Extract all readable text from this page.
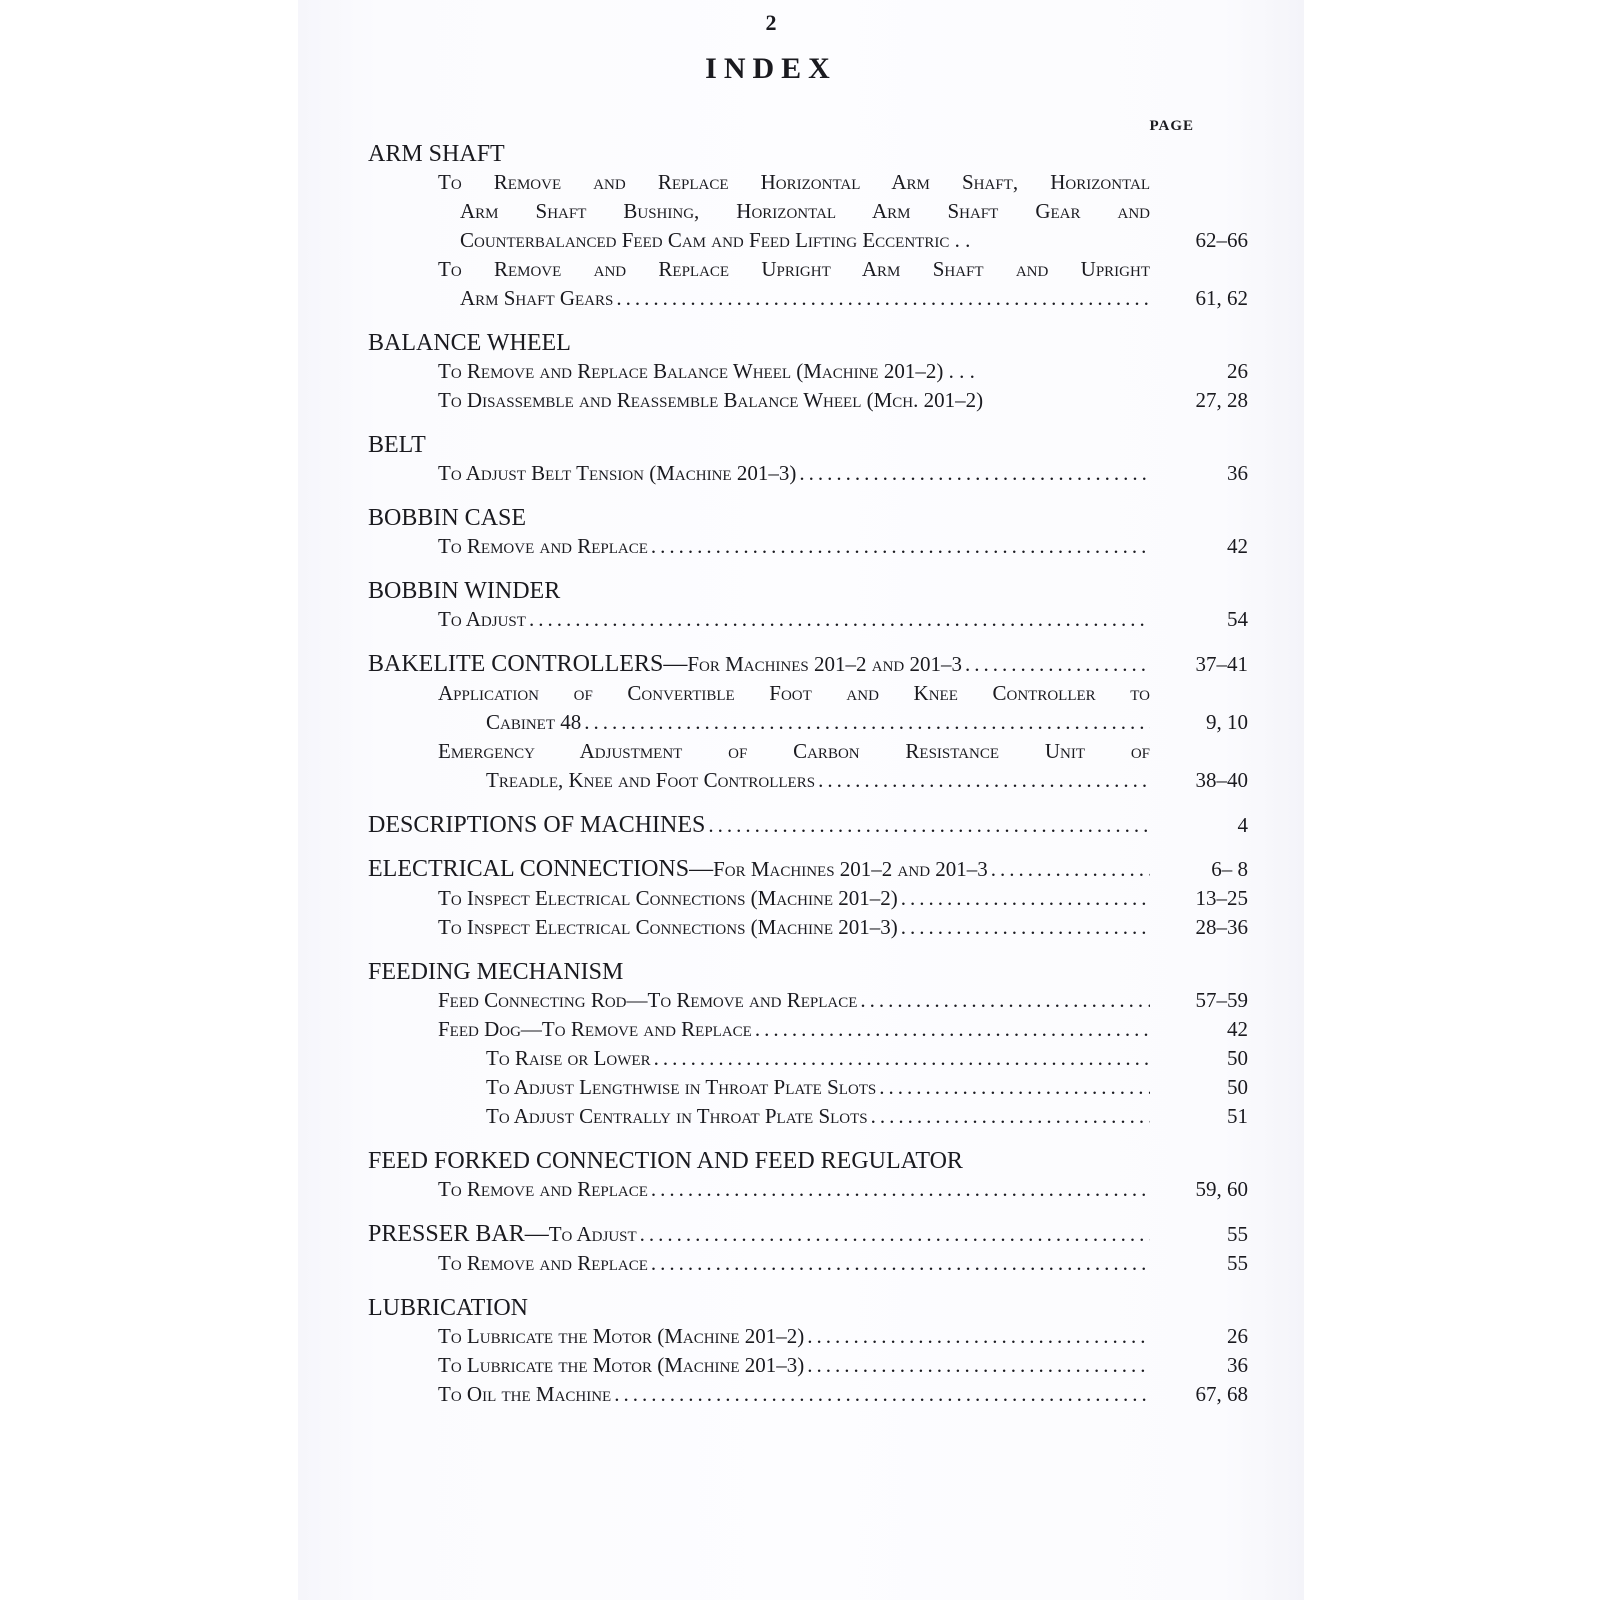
2
INDEX
PAGE
ARM SHAFT
To Remove and Replace Horizontal Arm Shaft, Horizontal
Arm Shaft Bushing, Horizontal Arm Shaft Gear and
Counterbalanced Feed Cam and Feed Lifting Eccentric . .	62–66
To Remove and Replace Upright Arm Shaft and Upright
Arm Shaft Gears .....	61, 62
BALANCE WHEEL
To Remove and Replace Balance Wheel (Machine 201–2) . . .	26
To Disassemble and Reassemble Balance Wheel (Mch. 201–2)	27, 28
BELT
To Adjust Belt Tension (Machine 201–3) .....	36
BOBBIN CASE
To Remove and Replace .....	42
BOBBIN WINDER
To Adjust .....	54
BAKELITE CONTROLLERS— For Machines 201–2 and 201–3 .....	37–41
Application of Convertible Foot and Knee Controller to
Cabinet 48 .....	9, 10
Emergency Adjustment of Carbon Resistance Unit of
Treadle, Knee and Foot Controllers .....	38–40
DESCRIPTIONS OF MACHINES .....	4
ELECTRICAL CONNECTIONS— For Machines 201–2 and 201–3 .....	6– 8
To Inspect Electrical Connections (Machine 201–2) .....	13–25
To Inspect Electrical Connections (Machine 201–3) .....	28–36
FEEDING MECHANISM
Feed Connecting Rod—To Remove and Replace .....	57–59
Feed Dog—To Remove and Replace .....	42
To Raise or Lower .....	50
To Adjust Lengthwise in Throat Plate Slots .....	50
To Adjust Centrally in Throat Plate Slots .....	51
FEED FORKED CONNECTION AND FEED REGULATOR
To Remove and Replace .....	59, 60
PRESSER BAR— To Adjust .....	55
To Remove and Replace .....	55
LUBRICATION
To Lubricate the Motor (Machine 201–2) .....	26
To Lubricate the Motor (Machine 201–3) .....	36
To Oil the Machine .....	67, 68
